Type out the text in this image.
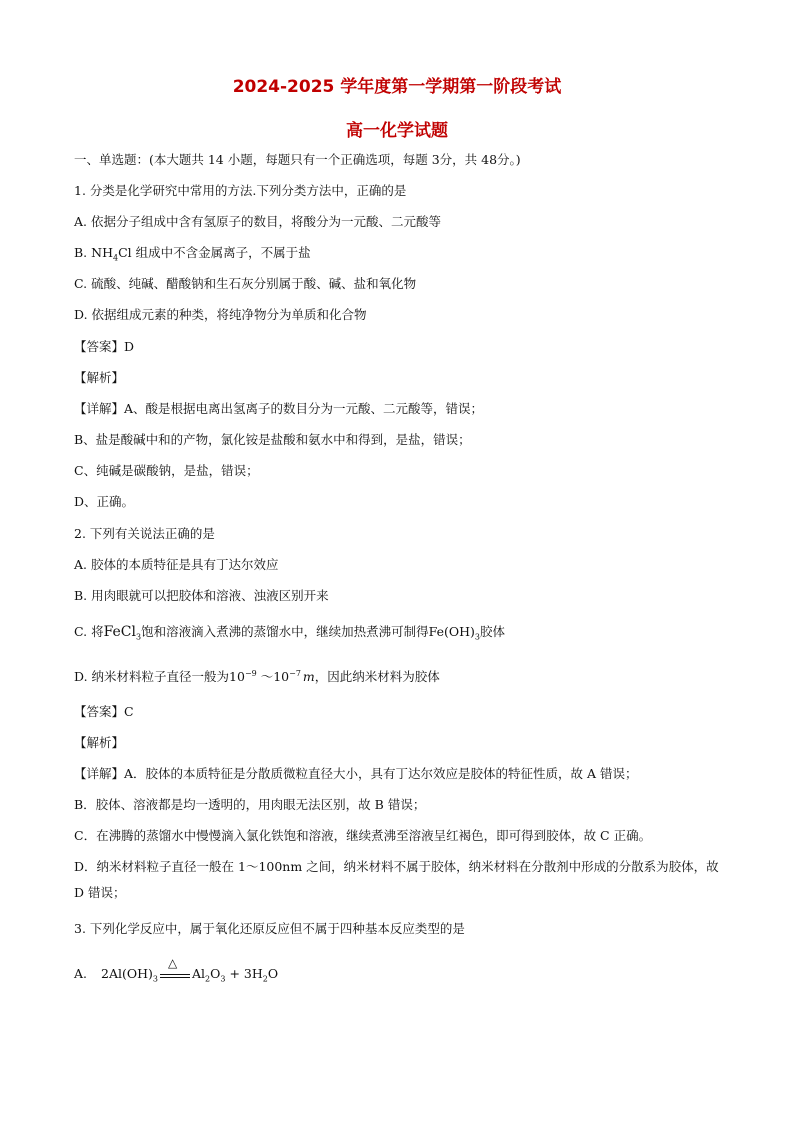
2024-2025 学年度第一学期第一阶段考试
高一化学试题
一、单选题：(本大题共 14 小题，每题只有一个正确选项，每题 3分，共 48分。)
1. 分类是化学研究中常用的方法.下列分类方法中，正确的是
A. 依据分子组成中含有氢原子的数目，将酸分为一元酸、二元酸等
B. $NH_4Cl$ 组成中不含金属离子，不属于盐
C. 硫酸、纯碱、醋酸钠和生石灰分别属于酸、碱、盐和氧化物
D. 依据组成元素的种类，将纯净物分为单质和化合物
【答案】D
【解析】
【详解】A、酸是根据电离出氢离子的数目分为一元酸、二元酸等，错误；
B、盐是酸碱中和的产物，氯化铵是盐酸和氨水中和得到，是盐，错误；
C、纯碱是碳酸钠，是盐，错误；
D、正确。
2. 下列有关说法正确的是
A. 胶体的本质特征是具有丁达尔效应
B. 用肉眼就可以把胶体和溶液、浊液区别开来
C. 将FeCl$_3$饱和溶液滴入煮沸的蒸馏水中，继续加热煮沸可制得$Fe(OH)_3$胶体
D. 纳米材料粒子直径一般为$10^{-9}$ $\sim 10^{-7}$ m，因此纳米材料为胶体
【答案】C
【解析】
【详解】A．胶体的本质特征是分散质微粒直径大小，具有丁达尔效应是胶体的特征性质，故 A 错误；
B．胶体、溶液都是均一透明的，用肉眼无法区别，故 B 错误；
C．在沸腾的蒸馏水中慢慢滴入氯化铁饱和溶液，继续煮沸至溶液呈红褐色，即可得到胶体，故 C 正确。
D．纳米材料粒子直径一般在 1～100nm 之间，纳米材料不属于胶体，纳米材料在分散剂中形成的分散系为胶体，故 D 错误；
3. 下列化学反应中，属于氧化还原反应但不属于四种基本反应类型的是
A. $2Al(OH)_3$
△
$Al_2O_3 + 3H_2O$
